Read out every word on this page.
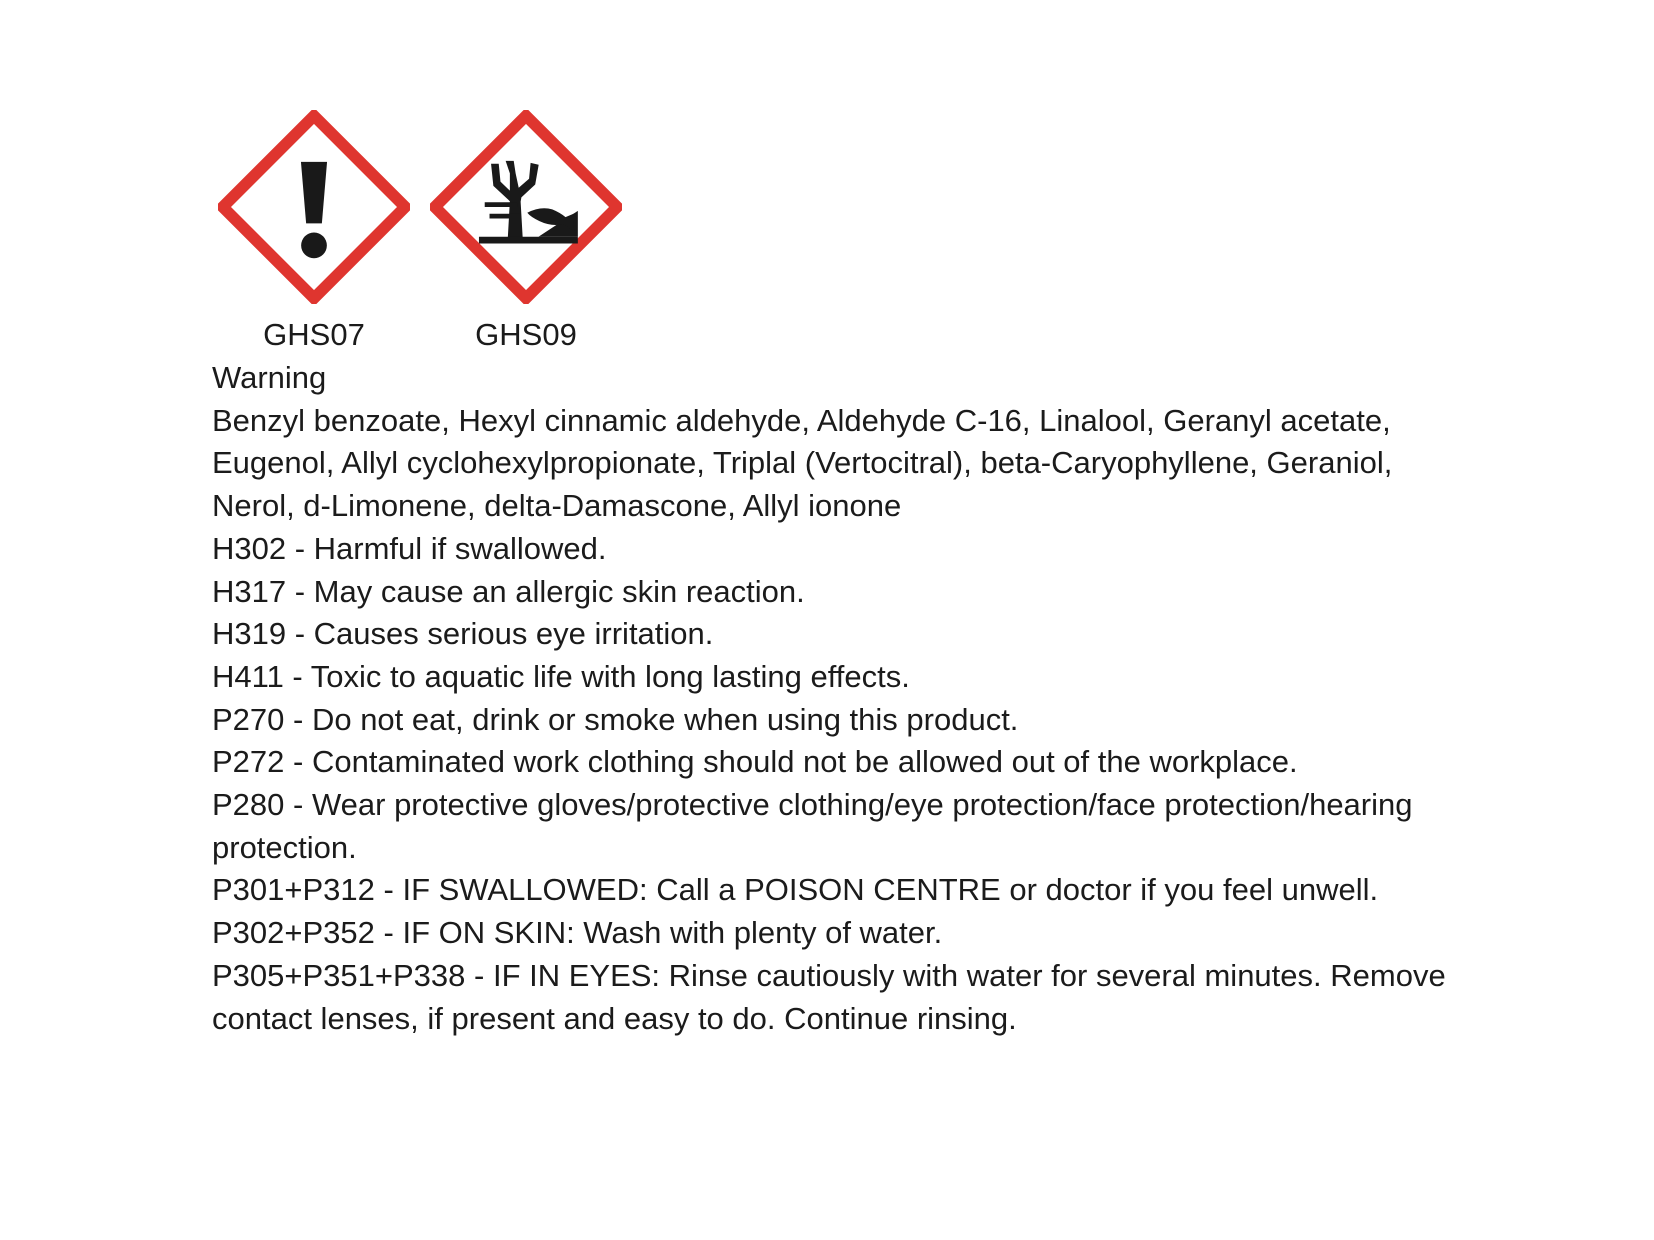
GHS07	GHS09
Warning
Benzyl benzoate, Hexyl cinnamic aldehyde, Aldehyde C-16, Linalool, Geranyl acetate,
Eugenol, Allyl cyclohexylpropionate, Triplal (Vertocitral), beta-Caryophyllene, Geraniol,
Nerol, d-Limonene, delta-Damascone, Allyl ionone
H302 - Harmful if swallowed.
H317 - May cause an allergic skin reaction.
H319 - Causes serious eye irritation.
H411 - Toxic to aquatic life with long lasting effects.
P270 - Do not eat, drink or smoke when using this product.
P272 - Contaminated work clothing should not be allowed out of the workplace.
P280 - Wear protective gloves/protective clothing/eye protection/face protection/hearing
protection.
P301+P312 - IF SWALLOWED: Call a POISON CENTRE or doctor if you feel unwell.
P302+P352 - IF ON SKIN: Wash with plenty of water.
P305+P351+P338 - IF IN EYES: Rinse cautiously with water for several minutes. Remove
contact lenses, if present and easy to do. Continue rinsing.
